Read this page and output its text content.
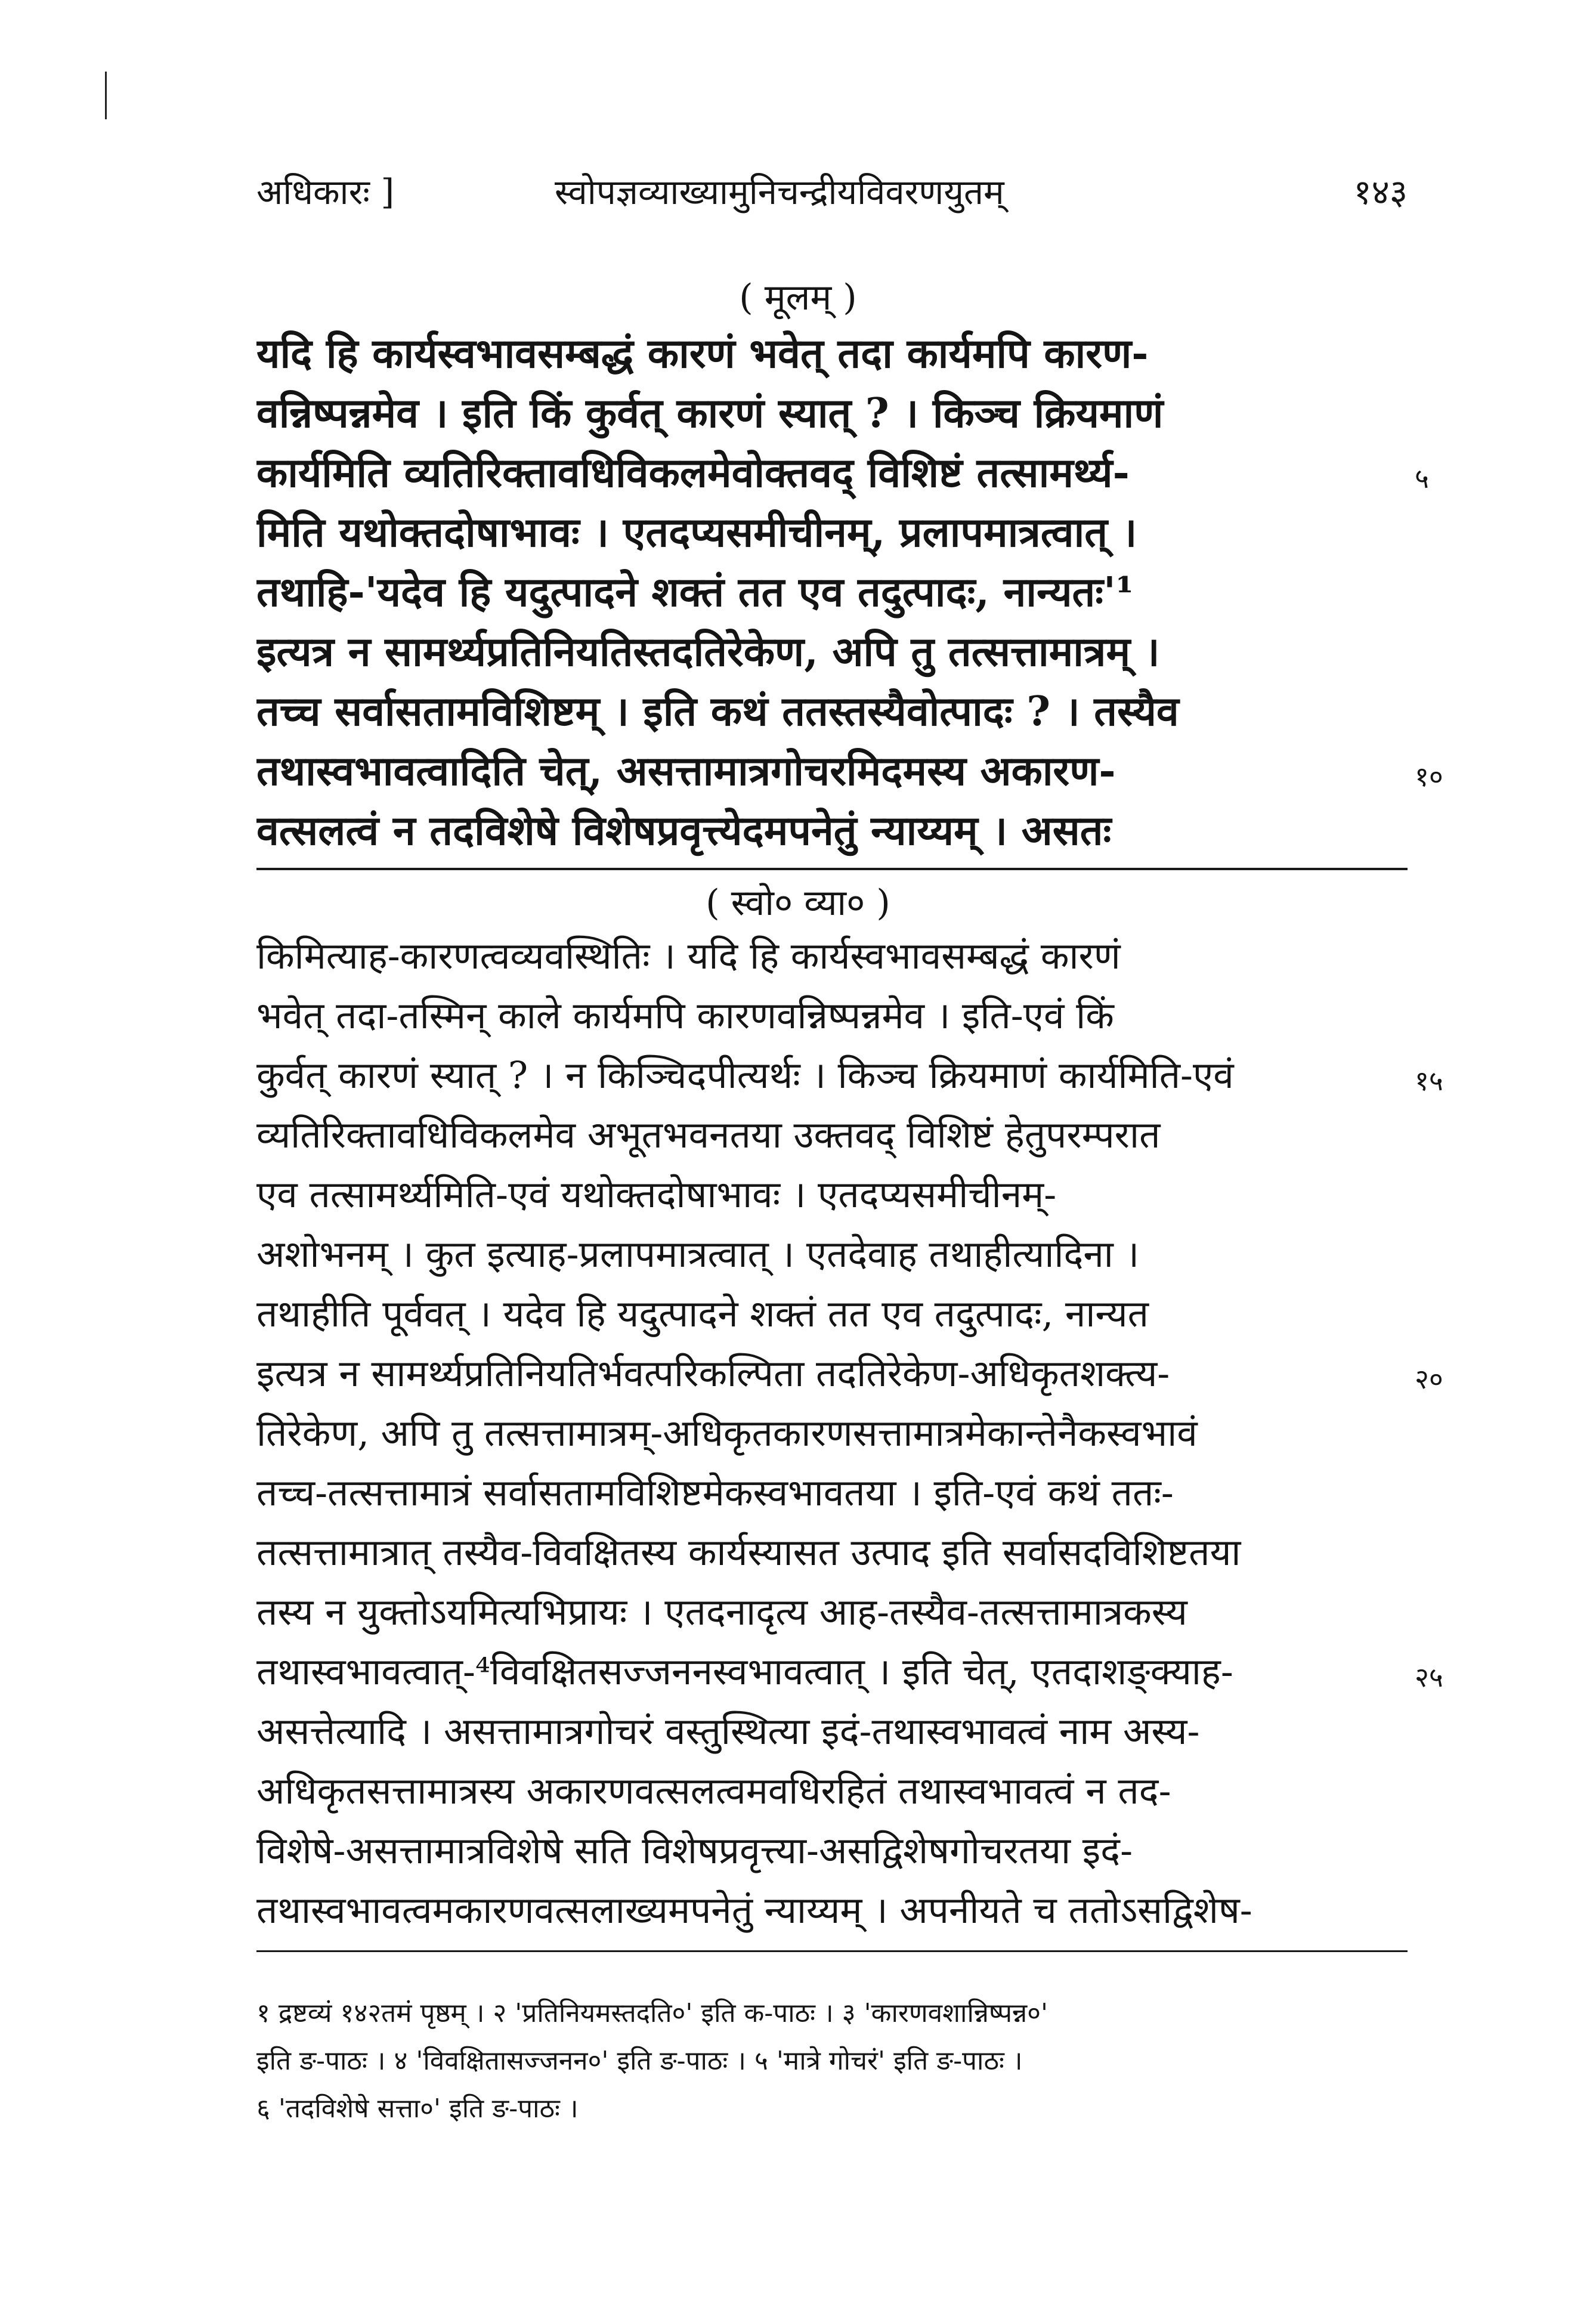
अधिकारः ]	स्वोपज्ञव्याख्यामुनिचन्द्रीयविवरणयुतम्	१४३
( मूलम् )
यदि हि कार्यस्वभावसम्बद्धं कारणं भवेत् तदा कार्यमपि कारण-
वन्निष्पन्नमेव । इति किं कुर्वत् कारणं स्यात् ? । किञ्च क्रियमाणं
कार्यमिति व्यतिरिक्तावधिविकलमेवोक्तवद् विशिष्टं तत्सामर्थ्य-
मिति यथोक्तदोषाभावः । एतदप्यसमीचीनम्, प्रलापमात्रत्वात् ।
तथाहि-'यदेव हि यदुत्पादने शक्तं तत एव तदुत्पादः, नान्यतः'¹
इत्यत्र न सामर्थ्यप्रतिनियतिस्तदतिरेकेण, अपि तु तत्सत्तामात्रम् ।
तच्च सर्वासतामविशिष्टम् । इति कथं ततस्तस्यैवोत्पादः ? । तस्यैव
तथास्वभावत्वादिति चेत्, असत्तामात्रगोचरमिदमस्य अकारण-
वत्सलत्वं न तदविशेषे विशेषप्रवृत्त्येदमपनेतुं न्याय्यम् । असतः
५
१०
( स्वो० व्या० )
किमित्याह-कारणत्वव्यवस्थितिः । यदि हि कार्यस्वभावसम्बद्धं कारणं
भवेत् तदा-तस्मिन् काले कार्यमपि कारणवन्निष्पन्नमेव । इति-एवं किं
कुर्वत् कारणं स्यात् ? । न किञ्चिदपीत्यर्थः । किञ्च क्रियमाणं कार्यमिति-एवं
व्यतिरिक्तावधिविकलमेव अभूतभवनतया उक्तवद् विशिष्टं हेतुपरम्परात
एव तत्सामर्थ्यमिति-एवं यथोक्तदोषाभावः । एतदप्यसमीचीनम्-
अशोभनम् । कुत इत्याह-प्रलापमात्रत्वात् । एतदेवाह तथाहीत्यादिना ।
तथाहीति पूर्ववत् । यदेव हि यदुत्पादने शक्तं तत एव तदुत्पादः, नान्यत
इत्यत्र न सामर्थ्यप्रतिनियतिर्भवत्परिकल्पिता तदतिरेकेण-अधिकृतशक्त्य-
तिरेकेण, अपि तु तत्सत्तामात्रम्-अधिकृतकारणसत्तामात्रमेकान्तेनैकस्वभावं
तच्च-तत्सत्तामात्रं सर्वासतामविशिष्टमेकस्वभावतया । इति-एवं कथं ततः-
तत्सत्तामात्रात् तस्यैव-विवक्षितस्य कार्यस्यासत उत्पाद इति सर्वासदविशिष्टतया
तस्य न युक्तोऽयमित्यभिप्रायः । एतदनादृत्य आह-तस्यैव-तत्सत्तामात्रकस्य
तथास्वभावत्वात्-⁴विवक्षितसज्जननस्वभावत्वात् । इति चेत्, एतदाशङ्क्याह-
असत्तेत्यादि । असत्तामात्रगोचरं वस्तुस्थित्या इदं-तथास्वभावत्वं नाम अस्य-
अधिकृतसत्तामात्रस्य अकारणवत्सलत्वमवधिरहितं तथास्वभावत्वं न तद-
विशेषे-असत्तामात्रविशेषे सति विशेषप्रवृत्त्या-असद्विशेषगोचरतया इदं-
तथास्वभावत्वमकारणवत्सलाख्यमपनेतुं न्याय्यम् । अपनीयते च ततोऽसद्विशेष-
१५
२०
२५
१ द्रष्टव्यं १४२तमं पृष्ठम् । २ 'प्रतिनियमस्तदति०' इति क-पाठः । ३ 'कारणवशान्निष्पन्न०'
इति ङ-पाठः । ४ 'विवक्षितासज्जनन०' इति ङ-पाठः । ५ 'मात्रे गोचरं' इति ङ-पाठः ।
६ 'तदविशेषे सत्ता०' इति ङ-पाठः ।
